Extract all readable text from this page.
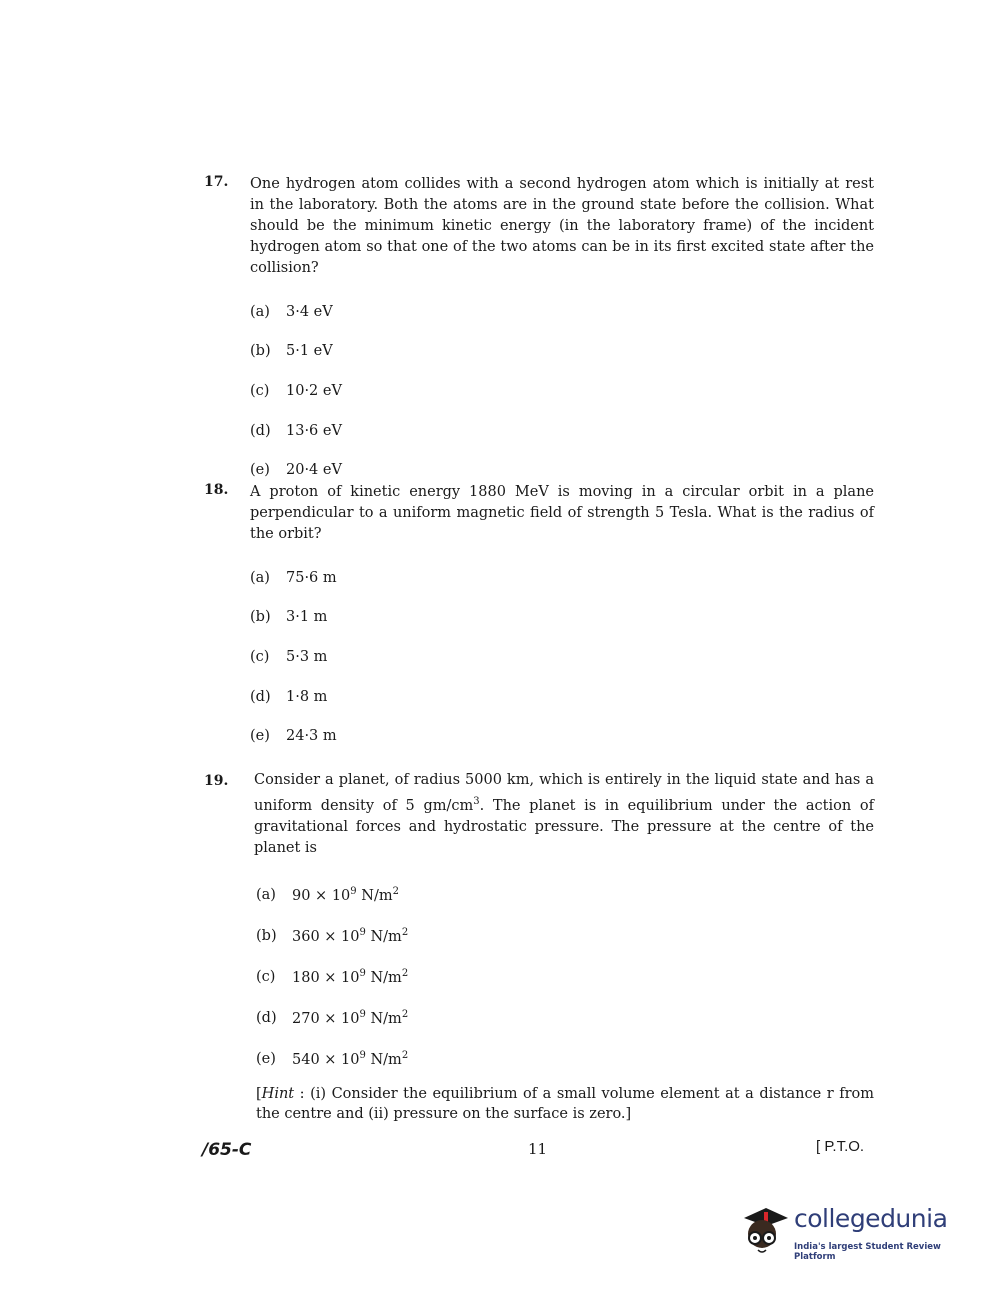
17. One hydrogen atom collides with a second hydrogen atom which is initially at rest in the laboratory. Both the atoms are in the ground state before the collision. What should be the minimum kinetic energy (in the laboratory frame) of the incident hydrogen atom so that one of the two atoms can be in its first excited state after the collision?
(a)	3·4 eV
(b)	5·1 eV
(c)	10·2 eV
(d)	13·6 eV
(e)	20·4 eV
18. A proton of kinetic energy 1880 MeV is moving in a circular orbit in a plane perpendicular to a uniform magnetic field of strength 5 Tesla. What is the radius of the orbit?
(a)	75·6 m
(b)	3·1 m
(c)	5·3 m
(d)	1·8 m
(e)	24·3 m
19. Consider a planet, of radius 5000 km, which is entirely in the liquid state and has a uniform density of 5 $gm/cm^3$. The planet is in equilibrium under the action of gravitational forces and hydrostatic pressure. The pressure at the centre of the planet is
(a)	$90 \times 10^9$ $N/m^2$
(b)	$360 \times 10^9$ $N/m^2$
(c)	$180 \times 10^9$ $N/m^2$
(d)	$270 \times 10^9$ $N/m^2$
(e)	$540 \times 10^9$ $N/m^2$
[Hint : (i) Consider the equilibrium of a small volume element at a distance r from the centre and (ii) pressure on the surface is zero.]
/65-C	11	[ P.T.O.
collegedunia
India's largest Student Review Platform
